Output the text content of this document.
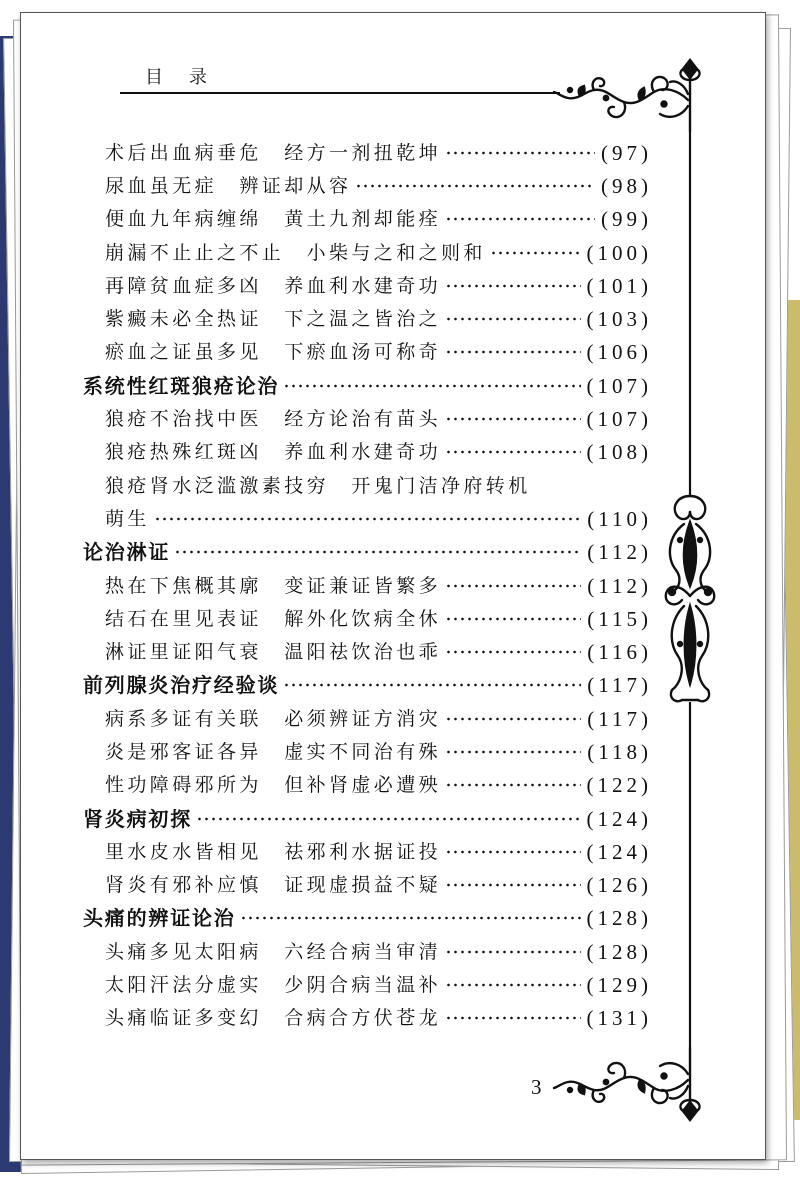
目　录
术后出血病垂危　经方一剂扭乾坤	(97)
尿血虽无症　辨证却从容	(98)
便血九年病缠绵　黄土九剂却能痊	(99)
崩漏不止止之不止　小柴与之和之则和	(100)
再障贫血症多凶　养血利水建奇功	(101)
紫癜未必全热证　下之温之皆治之	(103)
瘀血之证虽多见　下瘀血汤可称奇	(106)
系统性红斑狼疮论治	(107)
狼疮不治找中医　经方论治有苗头	(107)
狼疮热殊红斑凶　养血利水建奇功	(108)
狼疮肾水泛滥激素技穷　开鬼门洁净府转机
萌生	(110)
论治淋证	(112)
热在下焦概其廓　变证兼证皆繁多	(112)
结石在里见表证　解外化饮病全休	(115)
淋证里证阳气衰　温阳祛饮治也乖	(116)
前列腺炎治疗经验谈	(117)
病系多证有关联　必须辨证方消灾	(117)
炎是邪客证各异　虚实不同治有殊	(118)
性功障碍邪所为　但补肾虚必遭殃	(122)
肾炎病初探	(124)
里水皮水皆相见　祛邪利水据证投	(124)
肾炎有邪补应慎　证现虚损益不疑	(126)
头痛的辨证论治	(128)
头痛多见太阳病　六经合病当审清	(128)
太阳汗法分虚实　少阴合病当温补	(129)
头痛临证多变幻　合病合方伏苍龙	(131)
3
